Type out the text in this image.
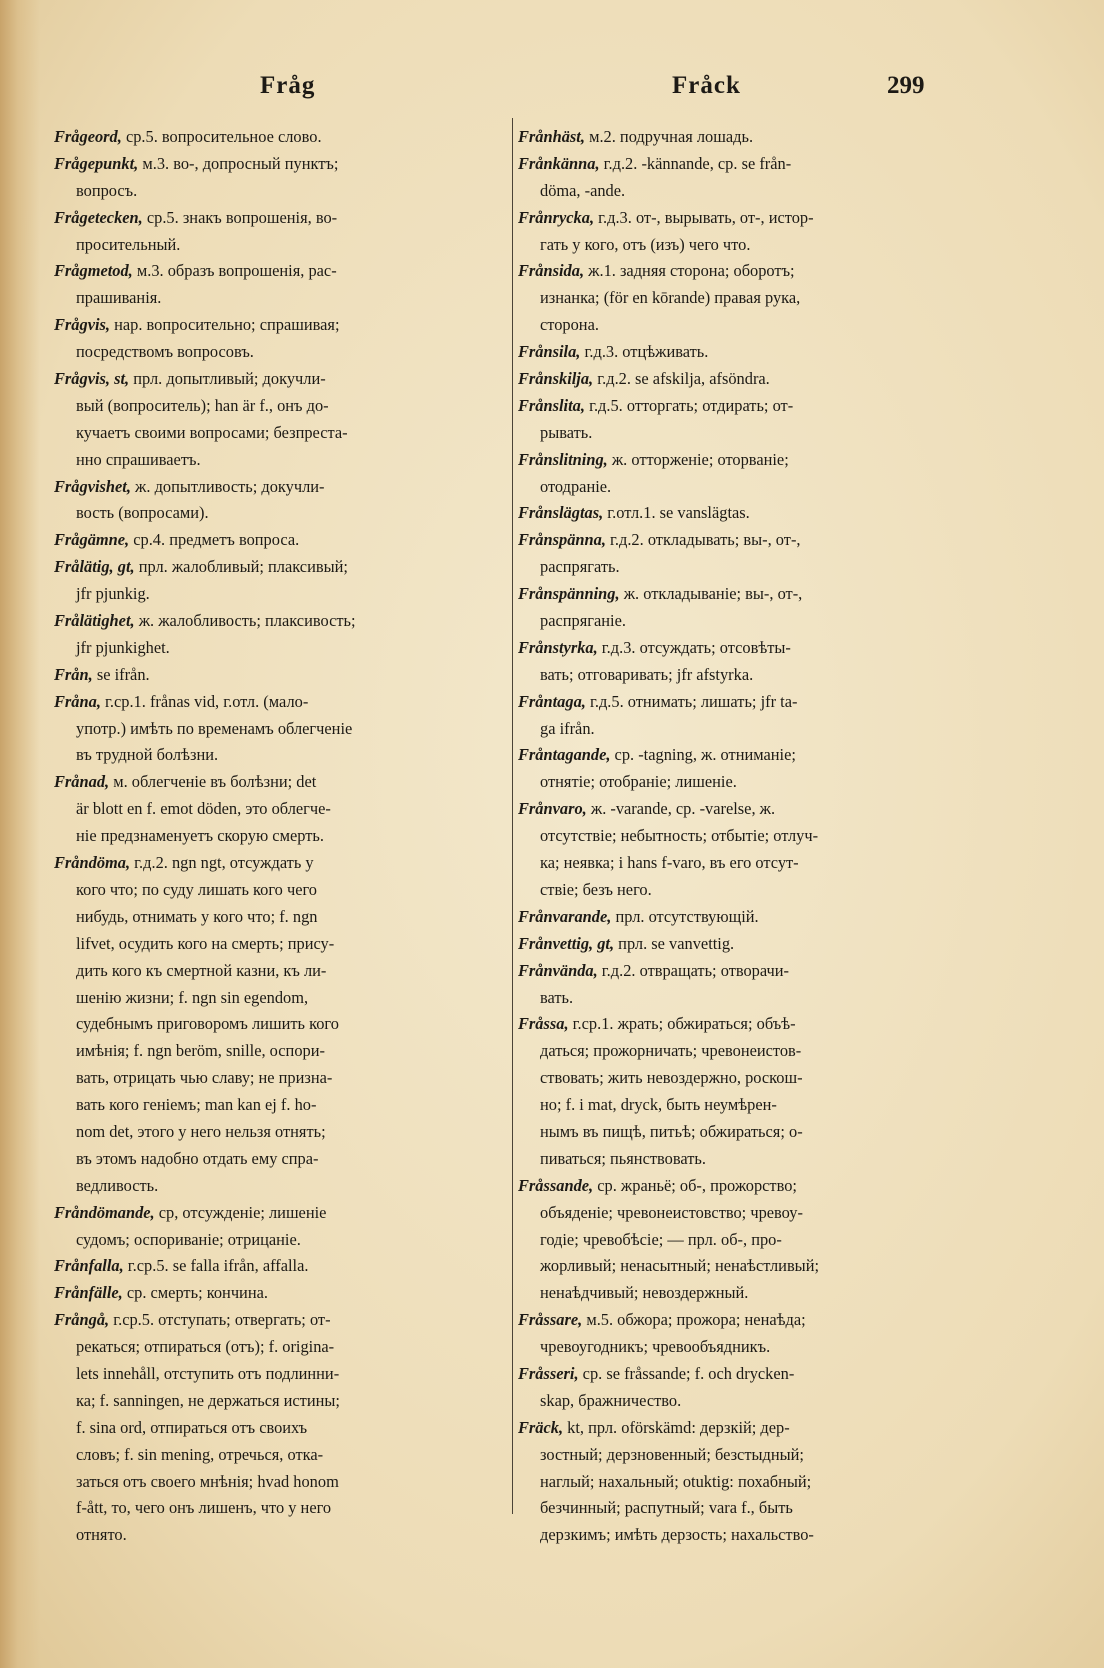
Fråg	Fråck	299
Frågeord, ср.5. вопросительное слово.
Frågepunkt, м.3. во-, допросный пунктъ;
вопросъ.
Frågetecken, ср.5. знакъ вопрошенія, во-
просительный.
Frågmetod, м.3. образъ вопрошенія, рас-
прашиванія.
Frågvis, нар. вопросительно; спрашивая;
посредствомъ вопросовъ.
Frågvis, st, прл. допытливый; докучли-
вый (вопроситель); han är f., онъ до-
кучаетъ своими вопросами; безпреста-
нно спрашиваетъ.
Frågvishet, ж. допытливость; докучли-
вость (вопросами).
Frågämne, ср.4. предметъ вопроса.
Frålätig, gt, прл. жалобливый; плаксивый;
jfr pjunkig.
Frålätighet, ж. жалобливость; плаксивость;
jfr pjunkighet.
Från, se ifrån.
Fråna, г.ср.1. frånas vid, г.отл. (мало-
употр.) имѣть по временамъ облегченіе
въ трудной болѣзни.
Frånad, м. облегченіе въ болѣзни; det
är blott en f. emot döden, это облегче-
ніе предзнаменуетъ скорую смерть.
Fråndöma, г.д.2. ngn ngt, отсуждать у
кого что; по суду лишать кого чего
нибудь, отнимать у кого что; f. ngn
lifvet, осудить кого на смерть; прису-
дить кого къ смертной казни, къ ли-
шенію жизни; f. ngn sin egendom,
судебнымъ приговоромъ лишить кого
имѣнія; f. ngn beröm, snille, оспори-
вать, отрицать чью славу; не призна-
вать кого геніемъ; man kan ej f. ho-
nom det, этого у него нельзя отнять;
въ этомъ надобно отдать ему спра-
ведливость.
Fråndömande, ср, отсужденіе; лишеніе
судомъ; оспориваніе; отрицаніе.
Frånfalla, г.ср.5. se falla ifrån, affalla.
Frånfälle, ср. смерть; кончина.
Frångå, г.ср.5. отступать; отвергать; от-
рекаться; отпираться (отъ); f. origina-
lets innehåll, отступить отъ подлинни-
ка; f. sanningen, не держаться истины;
f. sina ord, отпираться отъ своихъ
словъ; f. sin mening, отречься, отка-
заться отъ своего мнѣнія; hvad honom
f-ått, то, чего онъ лишенъ, что у него
отнято.
Frånhäst, м.2. подручная лошадь.
Frånkänna, г.д.2. -kännande, ср. se från-
döma, -ande.
Frånrycka, г.д.3. от-, вырывать, от-, истор-
гать у кого, отъ (изъ) чего что.
Frånsida, ж.1. задняя сторона; оборотъ;
изнанка; (för en kōrande) правая рука,
сторона.
Frånsila, г.д.3. отцѣживать.
Frånskilja, г.д.2. se afskilja, afsöndra.
Frånslita, г.д.5. отторгать; отдирать; от-
рывать.
Frånslitning, ж. отторженіе; оторваніе;
отодраніе.
Frånslägtas, г.отл.1. se vanslägtas.
Frånspänna, г.д.2. откладывать; вы-, от-,
распрягать.
Frånspänning, ж. откладываніе; вы-, от-,
распряганіе.
Frånstyrka, г.д.3. отсуждать; отсовѣты-
вать; отговаривать; jfr afstyrka.
Fråntaga, г.д.5. отнимать; лишать; jfr ta-
ga ifrån.
Fråntagande, ср. -tagning, ж. отниманіе;
отнятіе; отобраніе; лишеніе.
Frånvaro, ж. -varande, ср. -varelse, ж.
отсутствіе; небытность; отбытіе; отлуч-
ка; неявка; i hans f-varo, въ его отсут-
ствіе; безъ него.
Frånvarande, прл. отсутствующій.
Frånvettig, gt, прл. se vanvettig.
Frånvända, г.д.2. отвращать; отворачи-
вать.
Fråssa, г.ср.1. жрать; обжираться; объѣ-
даться; прожорничать; чревонеистов-
ствовать; жить невоздержно, роскош-
но; f. i mat, dryck, быть неумѣрен-
нымъ въ пищѣ, питьѣ; обжираться; о-
пиваться; пьянствовать.
Fråssande, ср. жраньё; об-, прожорство;
объяденіе; чревонеистовство; чревоу-
годіе; чревобѣсіе; — прл. об-, про-
жорливый; ненасытный; ненаѣстливый;
ненаѣдчивый; невоздержный.
Fråssare, м.5. обжора; прожора; ненаѣда;
чревоугодникъ; чревообъядникъ.
Fråsseri, ср. se fråssande; f. och drycken-
skap, бражничество.
Fräck, kt, прл. oförskämd: дерзкій; дер-
зостный; дерзновенный; безстыдный;
наглый; нахальный; otuktig: похабный;
безчинный; распутный; vara f., быть
дерзкимъ; имѣть дерзость; нахальство-
